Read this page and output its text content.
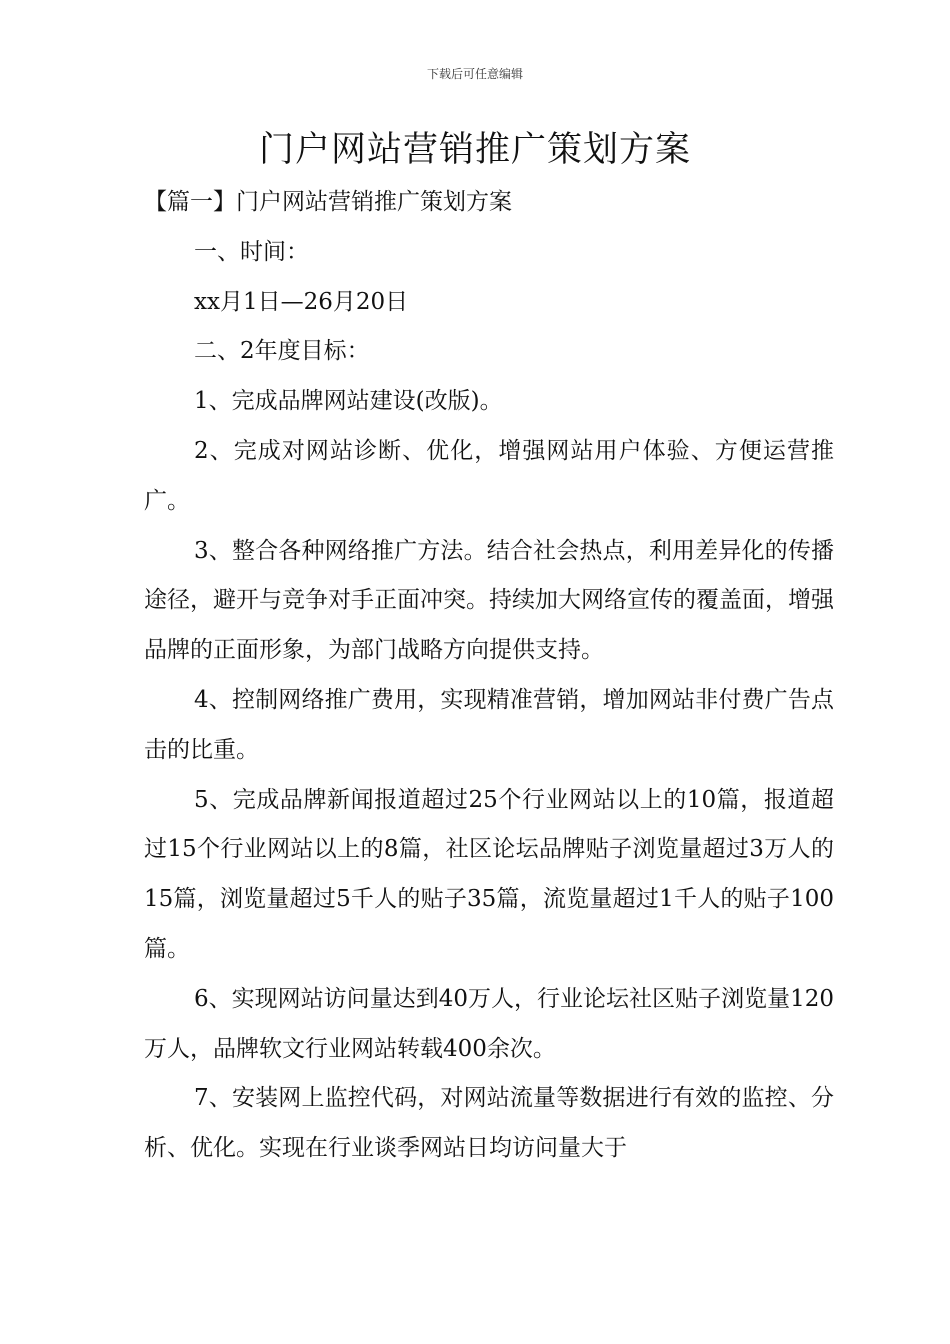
下载后可任意编辑
门户网站营销推广策划方案

【篇一】门户网站营销推广策划方案

一、时间：

xx月1日—26月20日

二、2年度目标：

1、完成品牌网站建设(改版)。

2、完成对网站诊断、优化，增强网站用户体验、方便运营推广。

3、整合各种网络推广方法。结合社会热点，利用差异化的传播途径，避开与竞争对手正面冲突。持续加大网络宣传的覆盖面，增强品牌的正面形象，为部门战略方向提供支持。

4、控制网络推广费用，实现精准营销，增加网站非付费广告点击的比重。

5、完成品牌新闻报道超过25个行业网站以上的10篇，报道超过15个行业网站以上的8篇，社区论坛品牌贴子浏览量超过3万人的15篇，浏览量超过5千人的贴子35篇，流览量超过1千人的贴子100篇。

6、实现网站访问量达到40万人，行业论坛社区贴子浏览量120万人，品牌软文行业网站转载400余次。

7、安装网上监控代码，对网站流量等数据进行有效的监控、分析、优化。实现在行业谈季网站日均访问量大于
